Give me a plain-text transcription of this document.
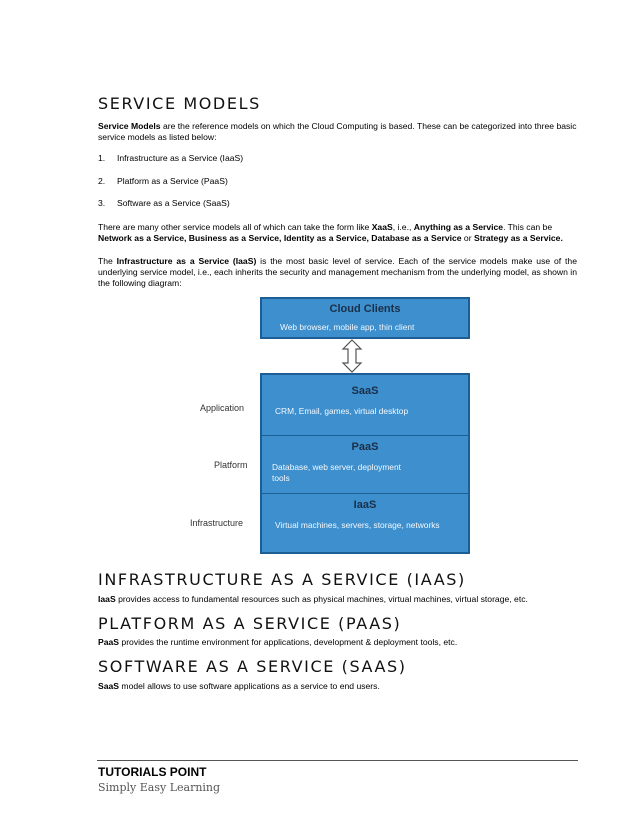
SERVICE MODELS

Service Models are the reference models on which the Cloud Computing is based. These can be categorized into three basic service models as listed below:

1. Infrastructure as a Service (IaaS)
2. Platform as a Service (PaaS)
3. Software as a Service (SaaS)

There are many other service models all of which can take the form like XaaS, i.e., Anything as a Service. This can be Network as a Service, Business as a Service, Identity as a Service, Database as a Service or Strategy as a Service.

The Infrastructure as a Service (IaaS) is the most basic level of service. Each of the service models make use of the underlying service model, i.e., each inherits the security and management mechanism from the underlying model, as shown in the following diagram:

Cloud Clients
Web browser, mobile app, thin client
SaaS
CRM, Email, games, virtual desktop
PaaS
Database, web server, deployment tools
IaaS
Virtual machines, servers, storage, networks
Application
Platform
Infrastructure
INFRASTRUCTURE AS A SERVICE (IAAS)

IaaS provides access to fundamental resources such as physical machines, virtual machines, virtual storage, etc.

PLATFORM AS A SERVICE (PAAS)

PaaS provides the runtime environment for applications, development & deployment tools, etc.

SOFTWARE AS A SERVICE (SAAS)

SaaS model allows to use software applications as a service to end users.

TUTORIALS POINT
Simply Easy Learning
